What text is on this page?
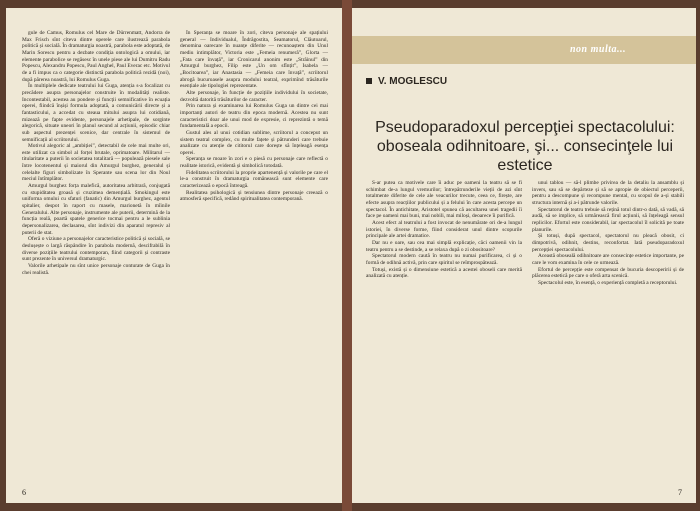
gule de Camus, Romulus cel Mare de Dürrenmatt, Andorra de Max Frisch sînt citeva dintre operele care ilustrează parabola politică și socială. În dramaturgia noastră, parabola este adoptată, de Marin Sorescu pentru a dezbate condiția ontologică a omului, iar elemente parabolice se regăsesc în unele piese ale lui Dumitru Radu Popescu, Alexandru Popescu, Paul Anghel, Paul Everac etc. Motivul de a fi impus ca o categorie distinctă parabola politică rezidă (noi), după părerea noastră, lui Romulus Guga.

În multiplele dedicate teatrului lui Guga, atenția s-a focalizat cu precădere asupra personajelor construite în modalități realiste. Incontestabil, acestea au pondere și funcții semnificative în ecuația operei, fiindcă înșiși formula adoptată, a comunicării directe și a fantasticului, a accedat cu steaua mitului asupra lui cotidiană, mizează pe fapte evidente, personajele arhetipale, de sorginte alegorică, situate uneori în planul secund al acțiunii, episodic chiar sub aspectul prezenței scenice, dar centrale în sistemul de semnificații al scriitorului.

Motivul alegoric al „ambiției”, detectabil de cele mai multe ori, este utilizat ca simbol al forței brutale, oprimatoare. Militarul — titularitate a puterii în societatea totalitară — populează piesele sale între locotenentul și maiorul din Amurgul burghez, generalul și celelalte figuri simbolizate în Sperante sau scena lor din Noul meciul întîmplător.

Amurgul burghez forța malefică, autoritatea arbitrară, conjugată cu stupiditatea groasă și cruzimea demențială. Smokingul este uniforma omului cu sfaturi (fanatic) din Amurgul burghez, agentul spitalier, despot în raport cu masele, marionetă în mîinile Generalului. Alte personaje, instrumente ale puterii, determină de la funcția reală, poartă spatele generice tocmai pentru a le sublinia depersonalizarea, declasarea, sînt indivizi din aparatul represiv al puterii de stat.

Oferă o viziune a personajelor caracteristice politică și socială, se deslușește o largă răspândire în parabola modernă, descifrabilă în diverse pozițiile teatrului contemporan, fiind categorii și contraste sunt prezente în universul dramaturgic.

Valorile arhetipale nu sînt unice personaje conturate de Guga în chei realistă.

În Speranța se moare în zori, citeva personaje ale spațiului general — Individualul, Îndrăgostita, Seamatorul, Clăutoarul, denomina oarecare în nuanțe diferite — recunoaștem din Unul mediu intimplător, Victoria este „Femeia renumeră”, Glorta — „Fata care învață”, iar Cronicarul anonim este „Străinul” din Amurgul burghez, Filip este „Un om sfînțit”, Isabela — „Bocitoarea”, iar Anastasia — „Femeia care învață”, scriitorul abrogă bucuroasele asupra modului teatral, exprimînd trăsăturile esențiale ale tipologiei reprezentate.

Alte personaje, în funcție de pozițiile individului în societate, dezvoltă datorită trăsăturilor de caracter.

Prin natura și examinarea lui Romulus Guga un dintre cei mai importanți autori de teatru din epoca modernă. Acestea nu sunt caracteristici doar ale unui mod de expresie, ci reprezintă o temă fundamentală a epocii.

Gustul ales al unui cotidian sublime, scriitorul a conceput un sistem teatral complex, cu multe fațete și pătrunderi care trebuie analizate cu atenție de cititorul care dorește să înțeleagă esența operei.

Speranța se moare în zori e o piesă cu personaje care reflectă o realitate istorică, evidentă și simbolică totodată.

Fidelitatea scriitorului la proprie apartenență și valorile pe care el le-a construit în dramaturgia românească sunt elemente care caracterizează o epocă întreagă.

Realitatea psihologică și tensiunea dintre personaje creează o atmosferă specifică, redând spiritualitatea contemporană.

6
non multa...
V. MOGLESCU
Pseudoparadoxul percepţiei spectacolului: oboseala odihnitoare, şi... consecinţele lui estetice

S-ar putea ca motivele care îi aduc pe oameni la teatru să se fi schimbat de-a lungul vremurilor; întrepătrunderile vieții de azi sînt totalmente diferite de cele ale veacurilor trecute, ceea ce, firește, are efecte asupra reacțiilor publicului și a felului în care acesta percepe un spectacol. În antichitate, Aristotel spunea că ascultarea unei tragedii îi face pe oameni mai buni, mai nobili, mai miloși, deoarece îi purifică.

Acest efect al teatrului a fost invocat de nenumărate ori de-a lungul istoriei, în diverse forme, fiind considerat unul dintre scopurile principale ale artei dramatice.

Dar nu e oare, sau cea mai simplă explicație, căci oamenii vin la teatru pentru a se destinde, a se relaxa după o zi obositoare?

Spectatorul modern caută în teatru nu numai purificarea, ci și o formă de odihnă activă, prin care spiritul se reîmprospătează.

Totuși, există și o dimensiune estetică a acestei oboseli care merită analizată cu atenție.

unui tablou — să-l plimbe privirea de la detaliu la ansamblu și invers, sau să se depărteze și să se apropie de obiectul perceperii, pentru a descompune și recompune mental, cu scopul de a-și stabili structura internă și a-i pătrunde valorile.

Spectatorul de teatru trebuie să rețină totul dintr-o dată, să vadă, să audă, să se implice, să urmărească firul acțiunii, să înțeleagă sensul replicilor. Efortul este considerabil, iar spectacolul îl solicită pe toate planurile.

Și totuși, după spectacol, spectatorul nu pleacă obosit, ci dimpotrivă, odihnit, destins, reconfortat. Iată pseudoparadoxul percepției spectacolului.

Această oboseală odihnitoare are consecințe estetice importante, pe care le vom examina în cele ce urmează.

Efortul de percepție este compensat de bucuria descoperirii și de plăcerea estetică pe care o oferă arta scenică.

Spectacolul este, în esență, o experiență completă a receptorului.

7
